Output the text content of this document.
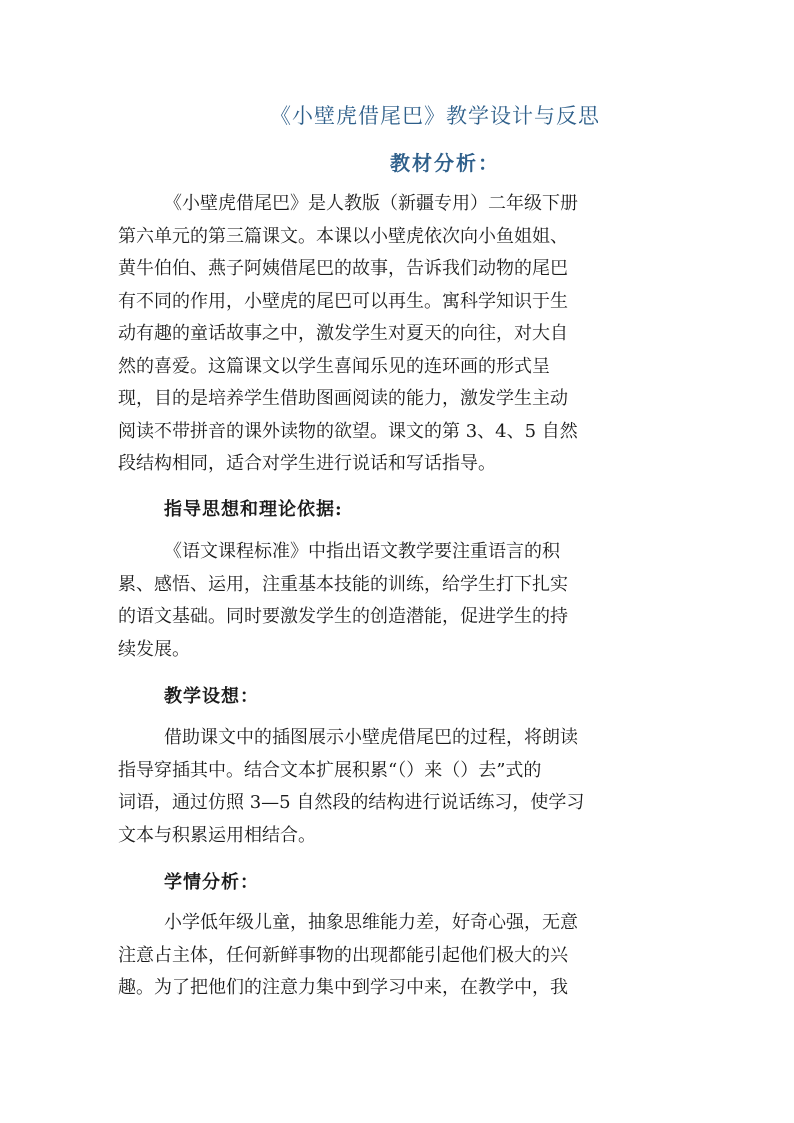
《小壁虎借尾巴》教学设计与反思
教材分析：
《小壁虎借尾巴》是人教版（新疆专用）二年级下册
第六单元的第三篇课文。本课以小壁虎依次向小鱼姐姐、
黄牛伯伯、燕子阿姨借尾巴的故事，告诉我们动物的尾巴
有不同的作用，小壁虎的尾巴可以再生。寓科学知识于生
动有趣的童话故事之中，激发学生对夏天的向往，对大自
然的喜爱。这篇课文以学生喜闻乐见的连环画的形式呈
现，目的是培养学生借助图画阅读的能力，激发学生主动
阅读不带拼音的课外读物的欲望。课文的第 3、4、5 自然
段结构相同，适合对学生进行说话和写话指导。
指导思想和理论依据:
《语文课程标准》中指出语文教学要注重语言的积
累、感悟、运用，注重基本技能的训练，给学生打下扎实
的语文基础。同时要激发学生的创造潜能，促进学生的持
续发展。
教学设想：
借助课文中的插图展示小壁虎借尾巴的过程，将朗读
指导穿插其中。结合文本扩展积累“（）来（）去”式的
词语，通过仿照 3—5 自然段的结构进行说话练习，使学习
文本与积累运用相结合。
学情分析：
小学低年级儿童，抽象思维能力差，好奇心强，无意
注意占主体，任何新鲜事物的出现都能引起他们极大的兴
趣。为了把他们的注意力集中到学习中来，在教学中，我
